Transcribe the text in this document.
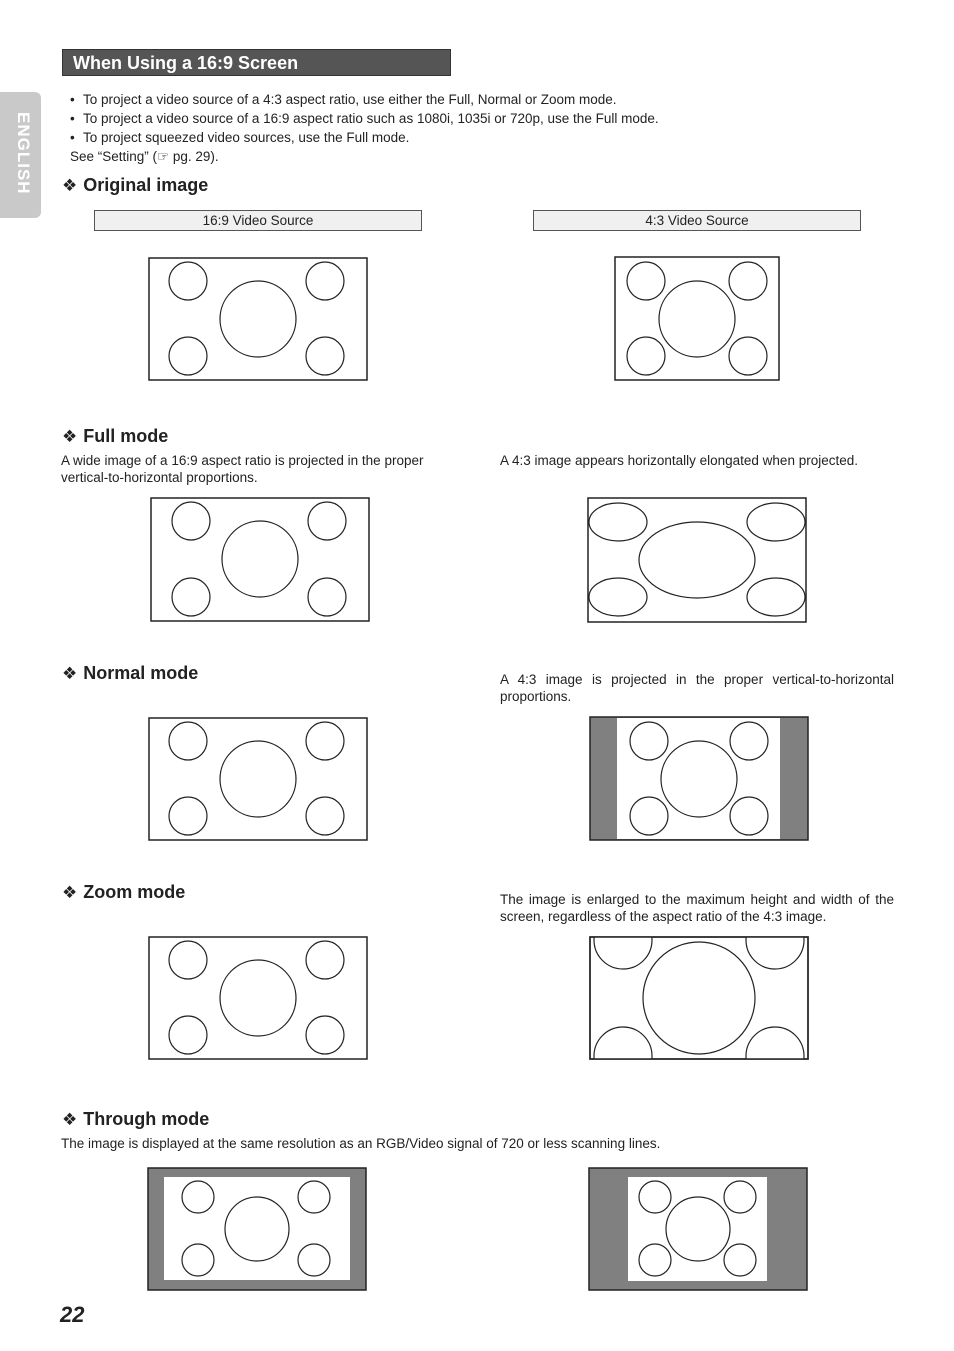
ENGLISH
When Using a 16:9 Screen
• To project a video source of a 4:3 aspect ratio, use either the Full, Normal or Zoom mode.
• To project a video source of a 16:9 aspect ratio such as 1080i, 1035i or 720p, use the Full mode.
• To project squeezed video sources, use the Full mode.
See “Setting” (☞ pg. 29).
❖ Original image
16:9 Video Source	4:3 Video Source
❖ Full mode
A wide image of a 16:9 aspect ratio is projected in the proper vertical-to-horizontal proportions.
A 4:3 image appears horizontally elongated when projected.
❖ Normal mode	A 4:3 image is projected in the proper vertical-to-horizontal proportions.
❖ Zoom mode	The image is enlarged to the maximum height and width of the screen, regardless of the aspect ratio of the 4:3 image.
❖ Through mode
The image is displayed at the same resolution as an RGB/Video signal of 720 or less scanning lines.
22
